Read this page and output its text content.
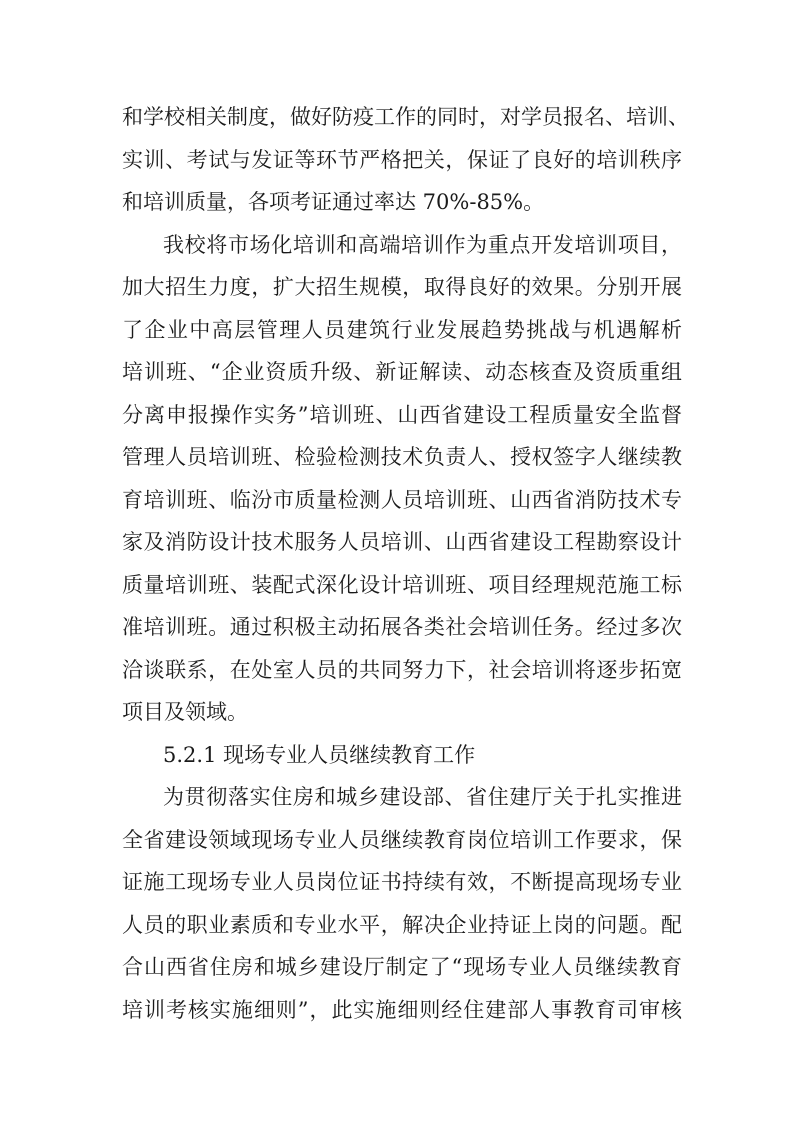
和学校相关制度，做好防疫工作的同时，对学员报名、培训、
实训、考试与发证等环节严格把关，保证了良好的培训秩序
和培训质量，各项考证通过率达 70%-85%。
我校将市场化培训和高端培训作为重点开发培训项目，
加大招生力度，扩大招生规模，取得良好的效果。分别开展
了企业中高层管理人员建筑行业发展趋势挑战与机遇解析
培训班、“企业资质升级、新证解读、动态核查及资质重组
分离申报操作实务”培训班、山西省建设工程质量安全监督
管理人员培训班、检验检测技术负责人、授权签字人继续教
育培训班、临汾市质量检测人员培训班、山西省消防技术专
家及消防设计技术服务人员培训、山西省建设工程勘察设计
质量培训班、装配式深化设计培训班、项目经理规范施工标
准培训班。通过积极主动拓展各类社会培训任务。经过多次
洽谈联系，在处室人员的共同努力下，社会培训将逐步拓宽
项目及领域。
5.2.1 现场专业人员继续教育工作
为贯彻落实住房和城乡建设部、省住建厅关于扎实推进
全省建设领域现场专业人员继续教育岗位培训工作要求，保
证施工现场专业人员岗位证书持续有效，不断提高现场专业
人员的职业素质和专业水平，解决企业持证上岗的问题。配
合山西省住房和城乡建设厅制定了“现场专业人员继续教育
培训考核实施细则”，此实施细则经住建部人事教育司审核
